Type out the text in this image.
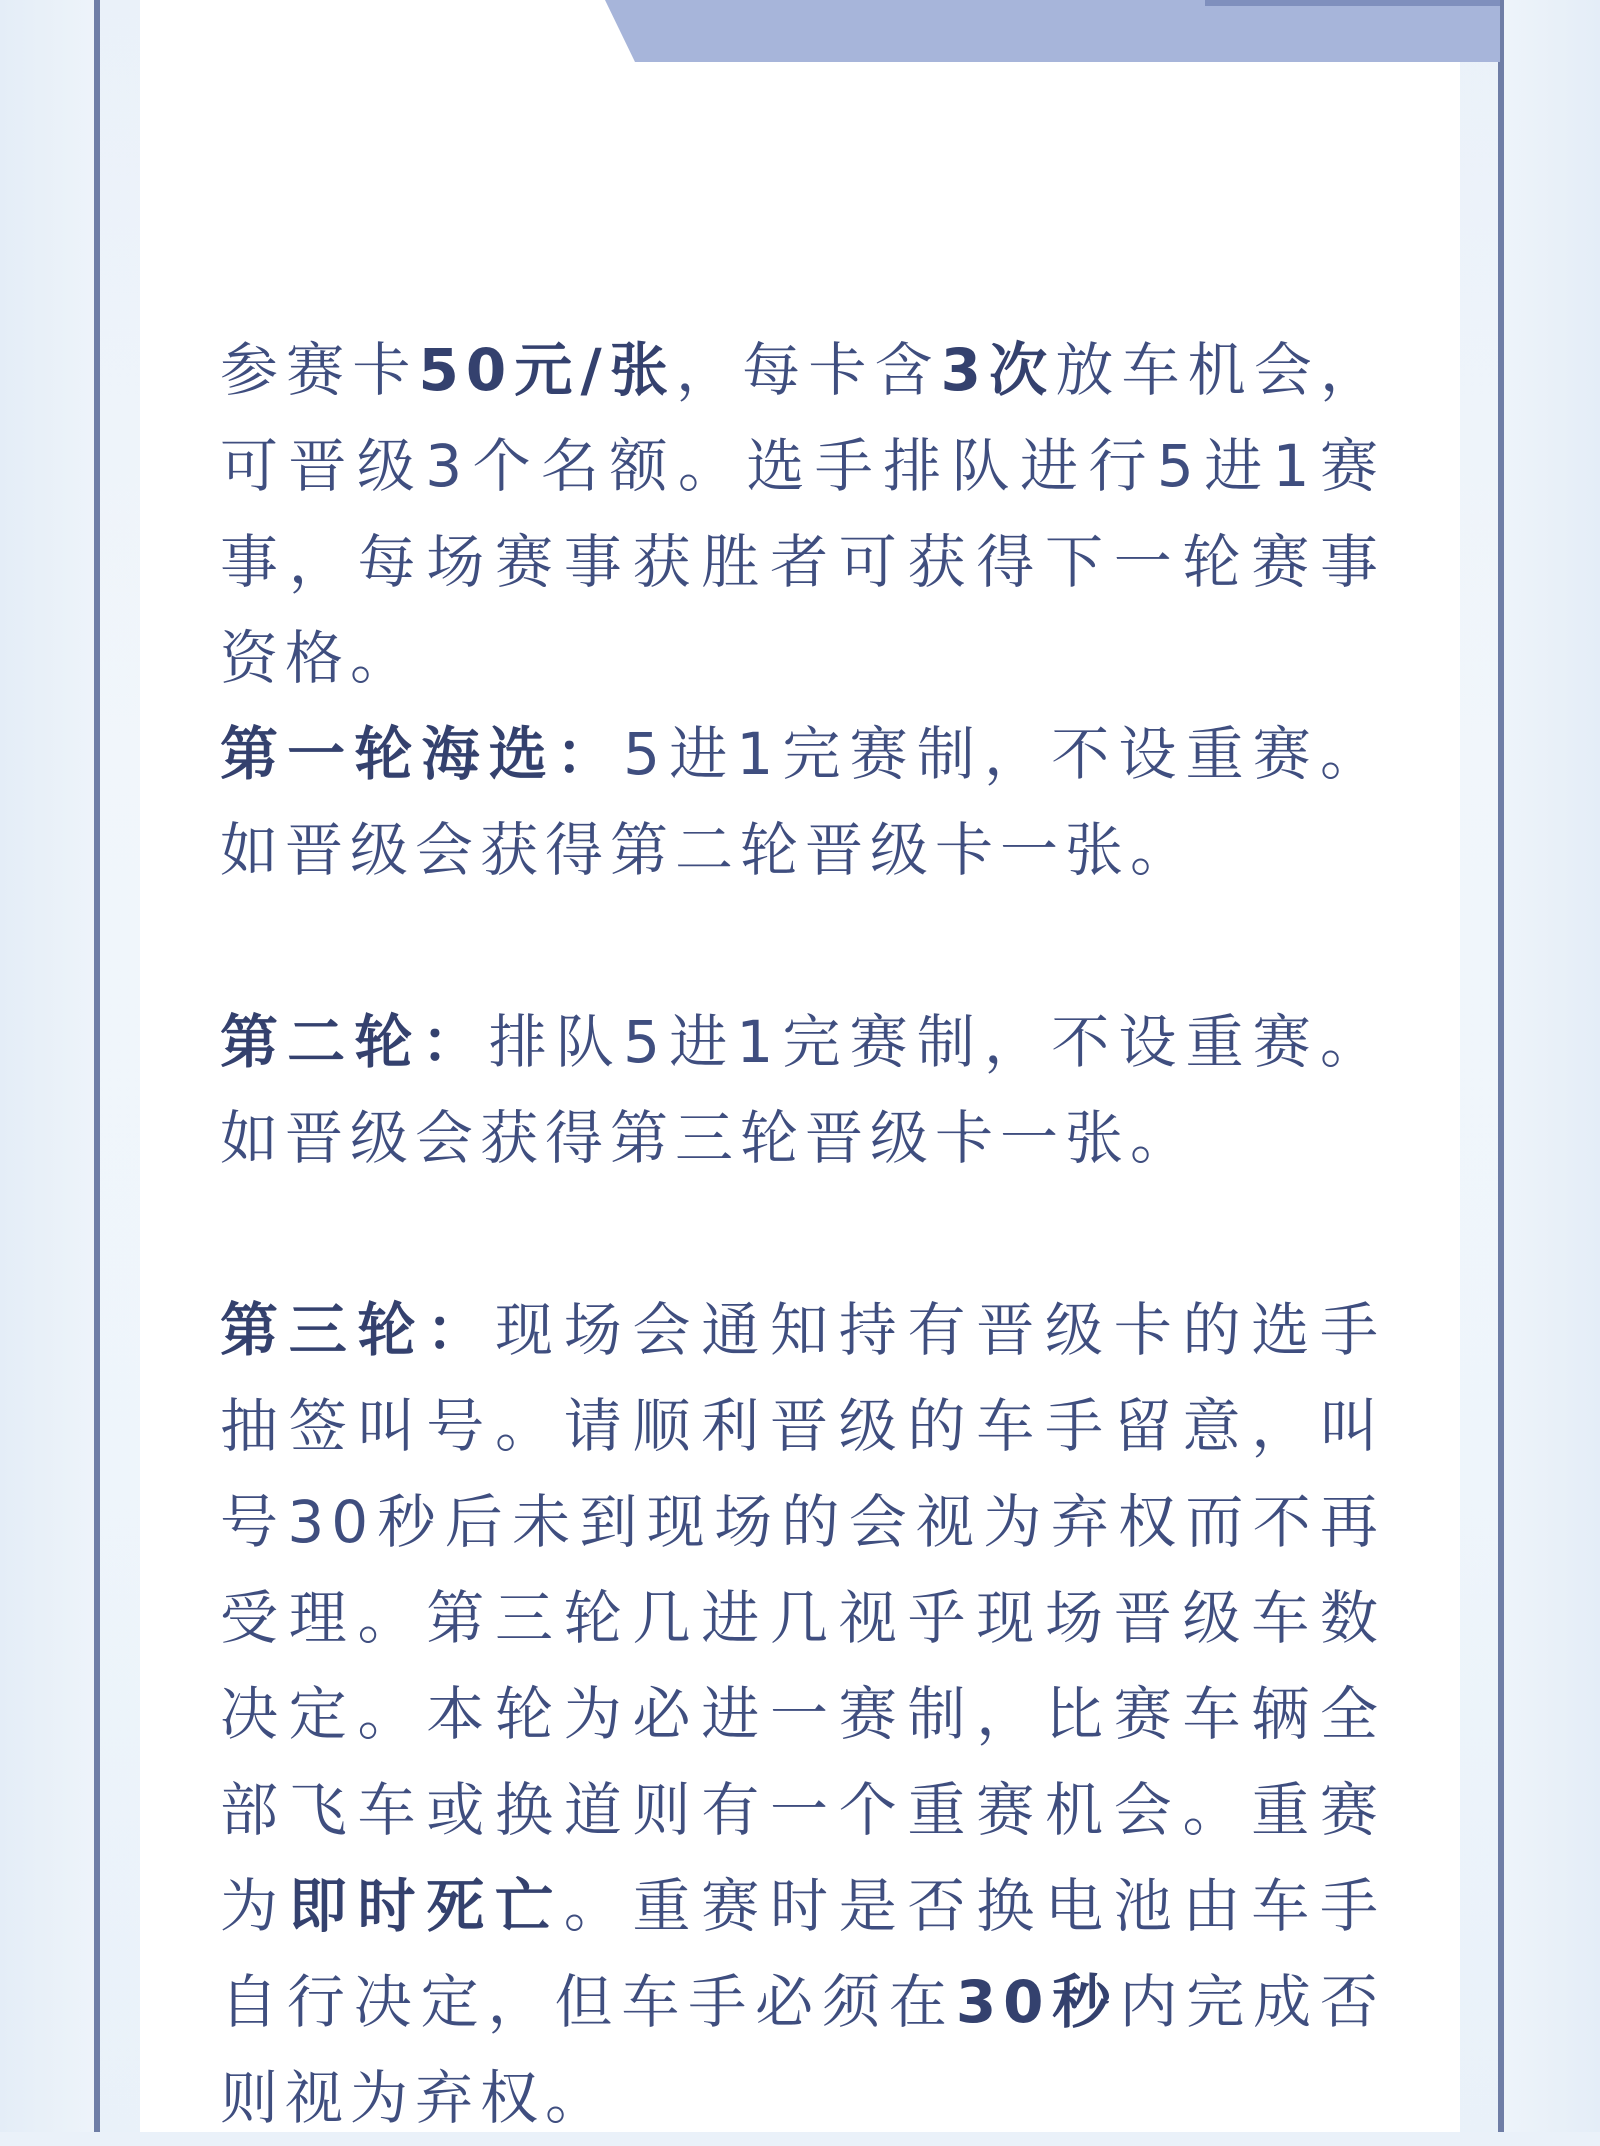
参赛卡50元/张，每卡含3次放车机会，可晋级3个名额。选手排队进行5进1赛事，每场赛事获胜者可获得下一轮赛事资格。

第一轮海选：5进1完赛制，不设重赛。如晋级会获得第二轮晋级卡一张。

第二轮：排队5进1完赛制，不设重赛。如晋级会获得第三轮晋级卡一张。

第三轮：现场会通知持有晋级卡的选手抽签叫号。请顺利晋级的车手留意，叫号30秒后未到现场的会视为弃权而不再受理。第三轮几进几视乎现场晋级车数决定。本轮为必进一赛制，比赛车辆全部飞车或换道则有一个重赛机会。重赛为即时死亡。重赛时是否换电池由车手自行决定，但车手必须在30秒内完成否则视为弃权。
